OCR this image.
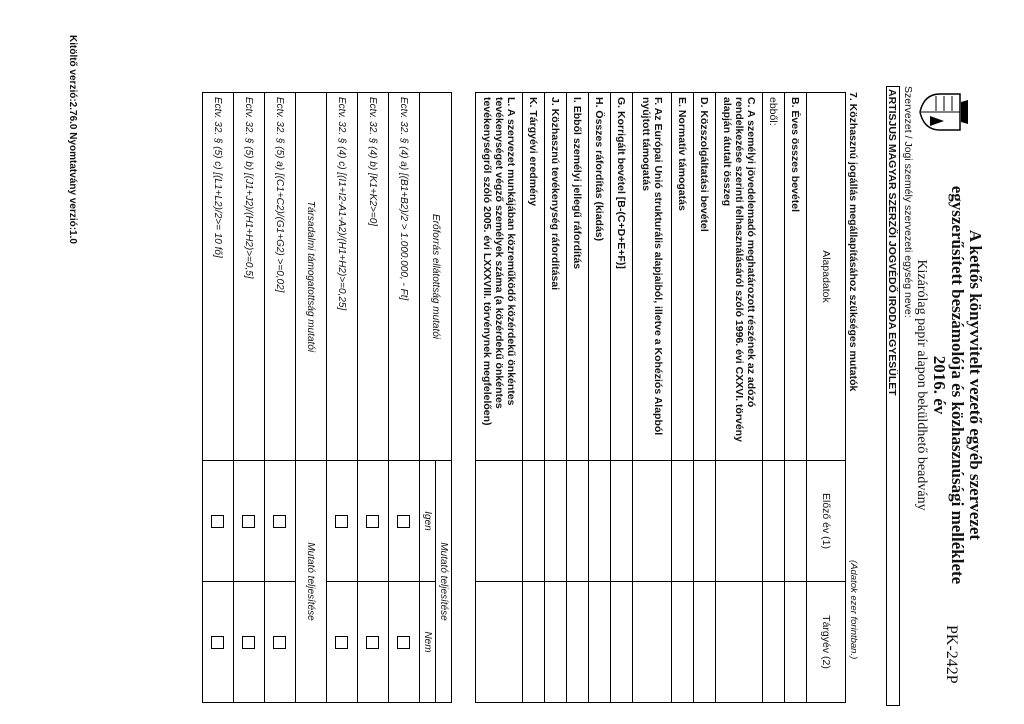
A kettős könyvvitelt vezető egyéb szervezet
egyszerűsített beszámolója és közhasznúsági melléklete
2016. év
Kizárólag papír alapon beküldhető beadvány
PK-242P
Szervezet / Jogi személy szervezeti egység neve:
ARTISJUS MAGYAR SZERZŐI JOGVÉDŐ IRODA EGYESÜLET
7. Közhasznú jogállás megállapításához szükséges mutatók
(Adatok ezer forintban.)
Alapadatok	Előző év (1)	Tárgyév (2)
B. Éves összes bevétel		
ebből:		
C. A személyi jövedelemadó meghatározott részének az adózó rendelkezése szerinti felhasználásáról szóló 1996. évi CXXVI. törvény alapján átutalt összeg		
D. Közszolgáltatási bevétel		
E. Normatív támogatás		
F. Az Európai Unió strukturális alapjaiból, illetve a Kohéziós Alapból nyújtott támogatás		
G. Korrigált bevétel [B-(C+D+E+F)]		
H. Összes ráfordítás (kiadás)		
I. Ebből személyi jellegű ráfordítás		
J. Közhasznú tevékenység ráfordításai		
K. Tárgyévi eredmény		
L. A szervezet munkájában közreműködő közérdekű önkéntes tevékenységet végző személyek száma (a közérdekű önkéntes tevékenységről szóló 2005. évi LXXXVIII. törvénynek megfelelően)		
Erőforrás ellátottság mutatói	Mutató teljesítése	
	Igen	Nem
Ectv. 32. § (4) a) [(B1+B2)/2 > 1.000.000, - Ft]		
Ectv. 32. § (4) b) [K1+K2>=0]		
Ectv. 32. § (4) c) [(I1+I2-A1-A2)/(H1+H2)>=0,25]		
Társadalmi támogatottság mutatói	Mutató teljesítése	
Ectv. 32. § (5) a) [(C1+C2)/(G1+G2) >=0,02]		
Ectv. 32. § (5) b) [(J1+J2)/(H1+H2)>=0,5]		
Ectv. 32. § (5) c) [(L1+L2)/2>= 10 fő]		
Kitöltő verzió:2.76.0 Nyomtatvány verzió:1.0
